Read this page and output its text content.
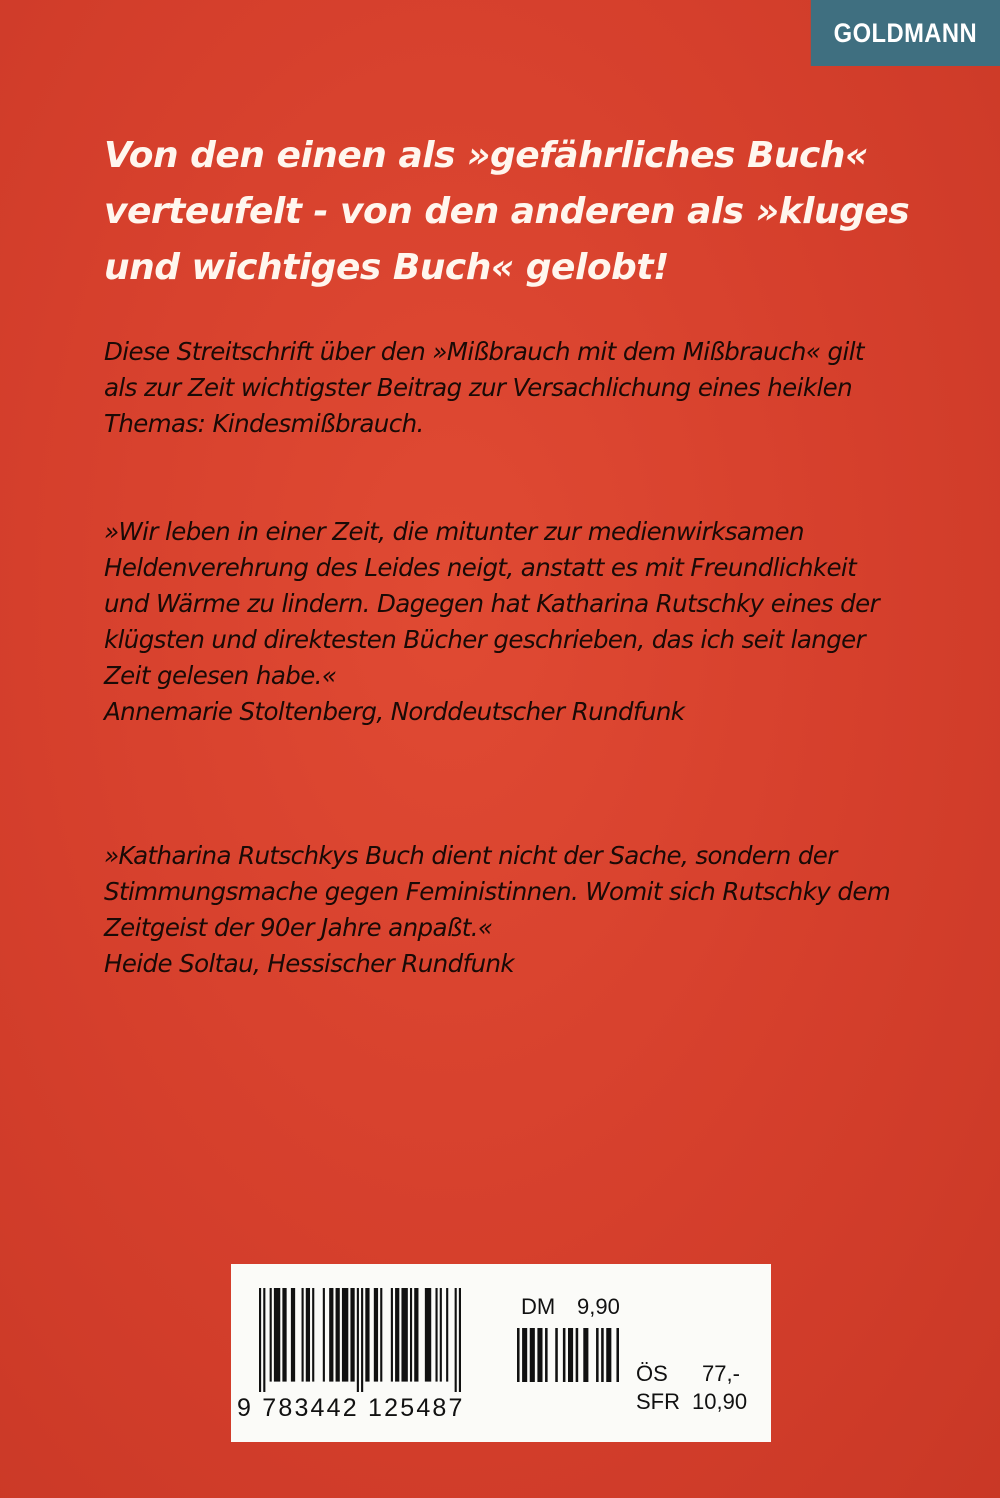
GOLDMANN
Von den einen als »gefährliches Buch«
verteufelt - von den anderen als »kluges
und wichtiges Buch« gelobt!

Diese Streitschrift über den »Mißbrauch mit dem Mißbrauch« gilt
als zur Zeit wichtigster Beitrag zur Versachlichung eines heiklen
Themas: Kindesmißbrauch.

»Wir leben in einer Zeit, die mitunter zur medienwirksamen
Heldenverehrung des Leides neigt, anstatt es mit Freundlichkeit
und Wärme zu lindern. Dagegen hat Katharina Rutschky eines der
klügsten und direktesten Bücher geschrieben, das ich seit langer
Zeit gelesen habe.«
Annemarie Stoltenberg, Norddeutscher Rundfunk

»Katharina Rutschkys Buch dient nicht der Sache, sondern der
Stimmungsmache gegen Feministinnen. Womit sich Rutschky dem
Zeitgeist der 90er Jahre anpaßt.«
Heide Soltau, Hessischer Rundfunk

9 783442 125487
DM 9,90
ÖS 77,-
SFR 10,90
